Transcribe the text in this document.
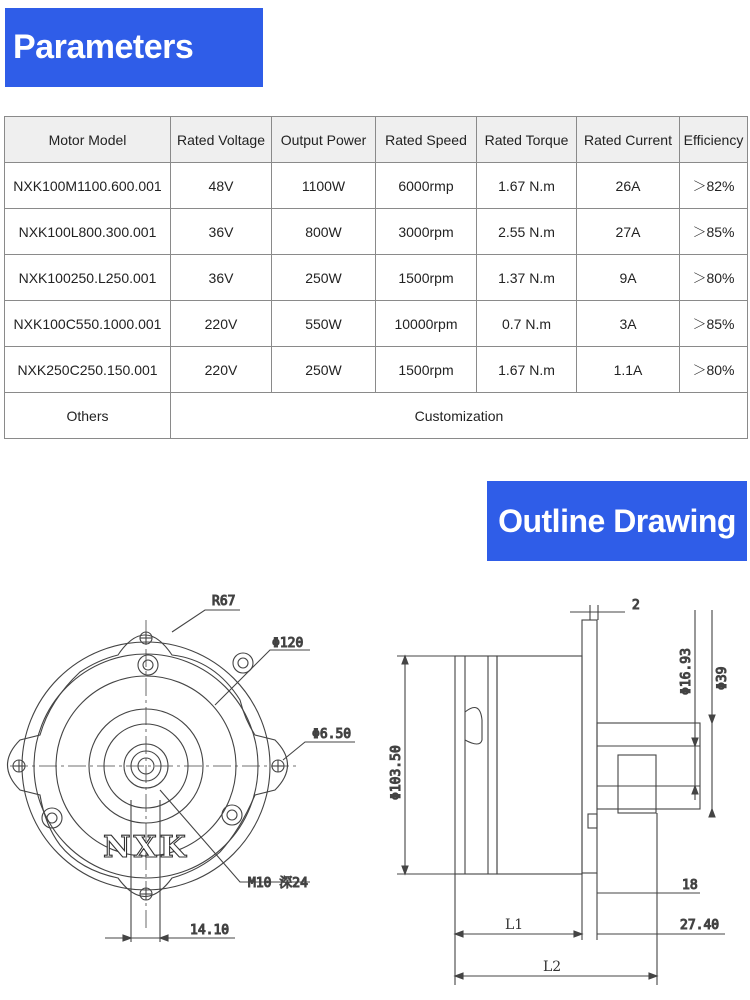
Parameters
Motor Model	Rated Voltage	Output Power	Rated Speed	Rated Torque	Rated Current	Efficiency
NXK100M1100.600.001	48V	1100W	6000rmp	1.67 N.m	26A	＞82%
NXK100L800.300.001	36V	800W	3000rpm	2.55 N.m	27A	＞85%
NXK100250.L250.001	36V	250W	1500rpm	1.37 N.m	9A	＞80%
NXK100C550.1000.001	220V	550W	10000rpm	0.7 N.m	3A	＞85%
NXK250C250.150.001	220V	250W	1500rpm	1.67 N.m	1.1A	＞80%
Others	Customization					
Outline Drawing
R67
Φ120
Φ6.50
M10 深24
14.10
NXK
2
Φ16.93 Φ39
Φ103.50
18
27.40
L1
L2
